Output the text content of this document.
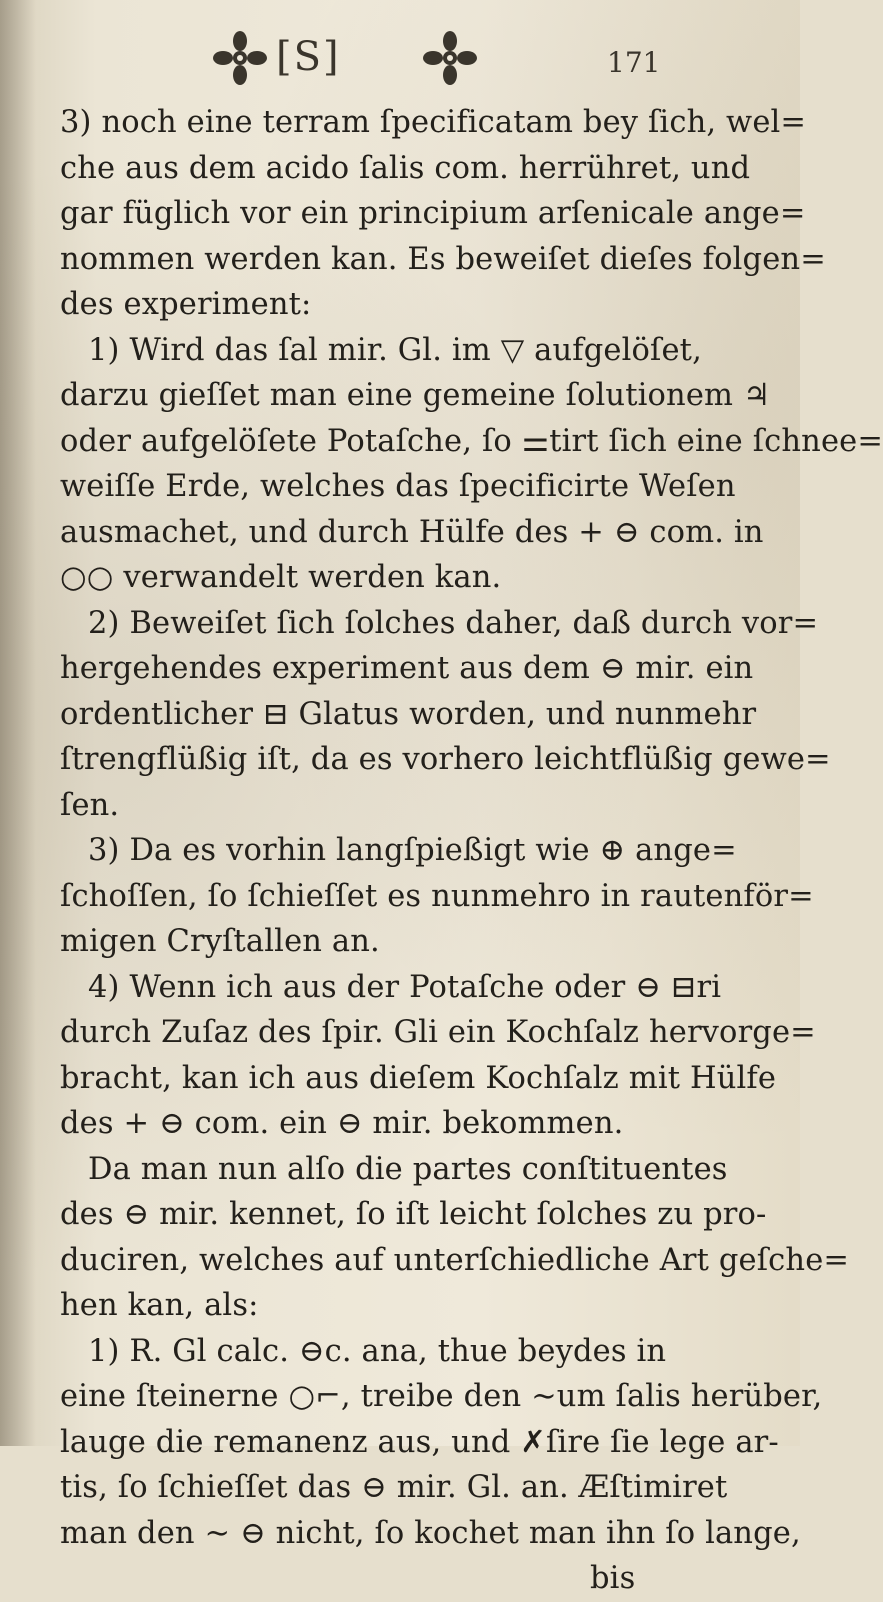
[S]	171
3) noch eine terram ſpecificatam bey ſich, wel=
che aus dem acido ſalis com. herrühret, und
gar füglich vor ein principium arſenicale ange=
nommen werden kan. Es beweiſet dieſes folgen=
des experiment:
1) Wird das ſal mir. Gl. im ▽ aufgelöſet,
darzu gieſſet man eine gemeine ſolutionem ♃
oder aufgelöſete Potaſche, ſo ⚌tirt ſich eine ſchnee=
weiſſe Erde, welches das ſpecificirte Weſen
ausmachet, und durch Hülfe des + ⊖ com. in
○○ verwandelt werden kan.
2) Beweiſet ſich ſolches daher, daß durch vor=
hergehendes experiment aus dem ⊖ mir. ein
ordentlicher ⊟ Glatus worden, und nunmehr
ſtrengflüßig iſt, da es vorhero leichtflüßig gewe=
ſen.
3) Da es vorhin langſpießigt wie ⊕ ange=
ſchoſſen, ſo ſchieſſet es nunmehro in rautenför=
migen Cryſtallen an.
4) Wenn ich aus der Potaſche oder ⊖ ⊟ri
durch Zuſaz des ſpir. Gli ein Kochſalz hervorge=
bracht, kan ich aus dieſem Kochſalz mit Hülfe
des + ⊖ com. ein ⊖ mir. bekommen.
Da man nun alſo die partes conſtituentes
des ⊖ mir. kennet, ſo iſt leicht ſolches zu pro-
duciren, welches auf unterſchiedliche Art geſche=
hen kan, als:
1) R. Gl calc. ⊖c. ana, thue beydes in
eine ſteinerne ○⌐, treibe den ∼um ſalis herüber,
lauge die remanenz aus, und ✗ſire ſie lege ar-
tis, ſo ſchieſſet das ⊖ mir. Gl. an. Æſtimiret
man den ∼ ⊖ nicht, ſo kochet man ihn ſo lange,
bis
